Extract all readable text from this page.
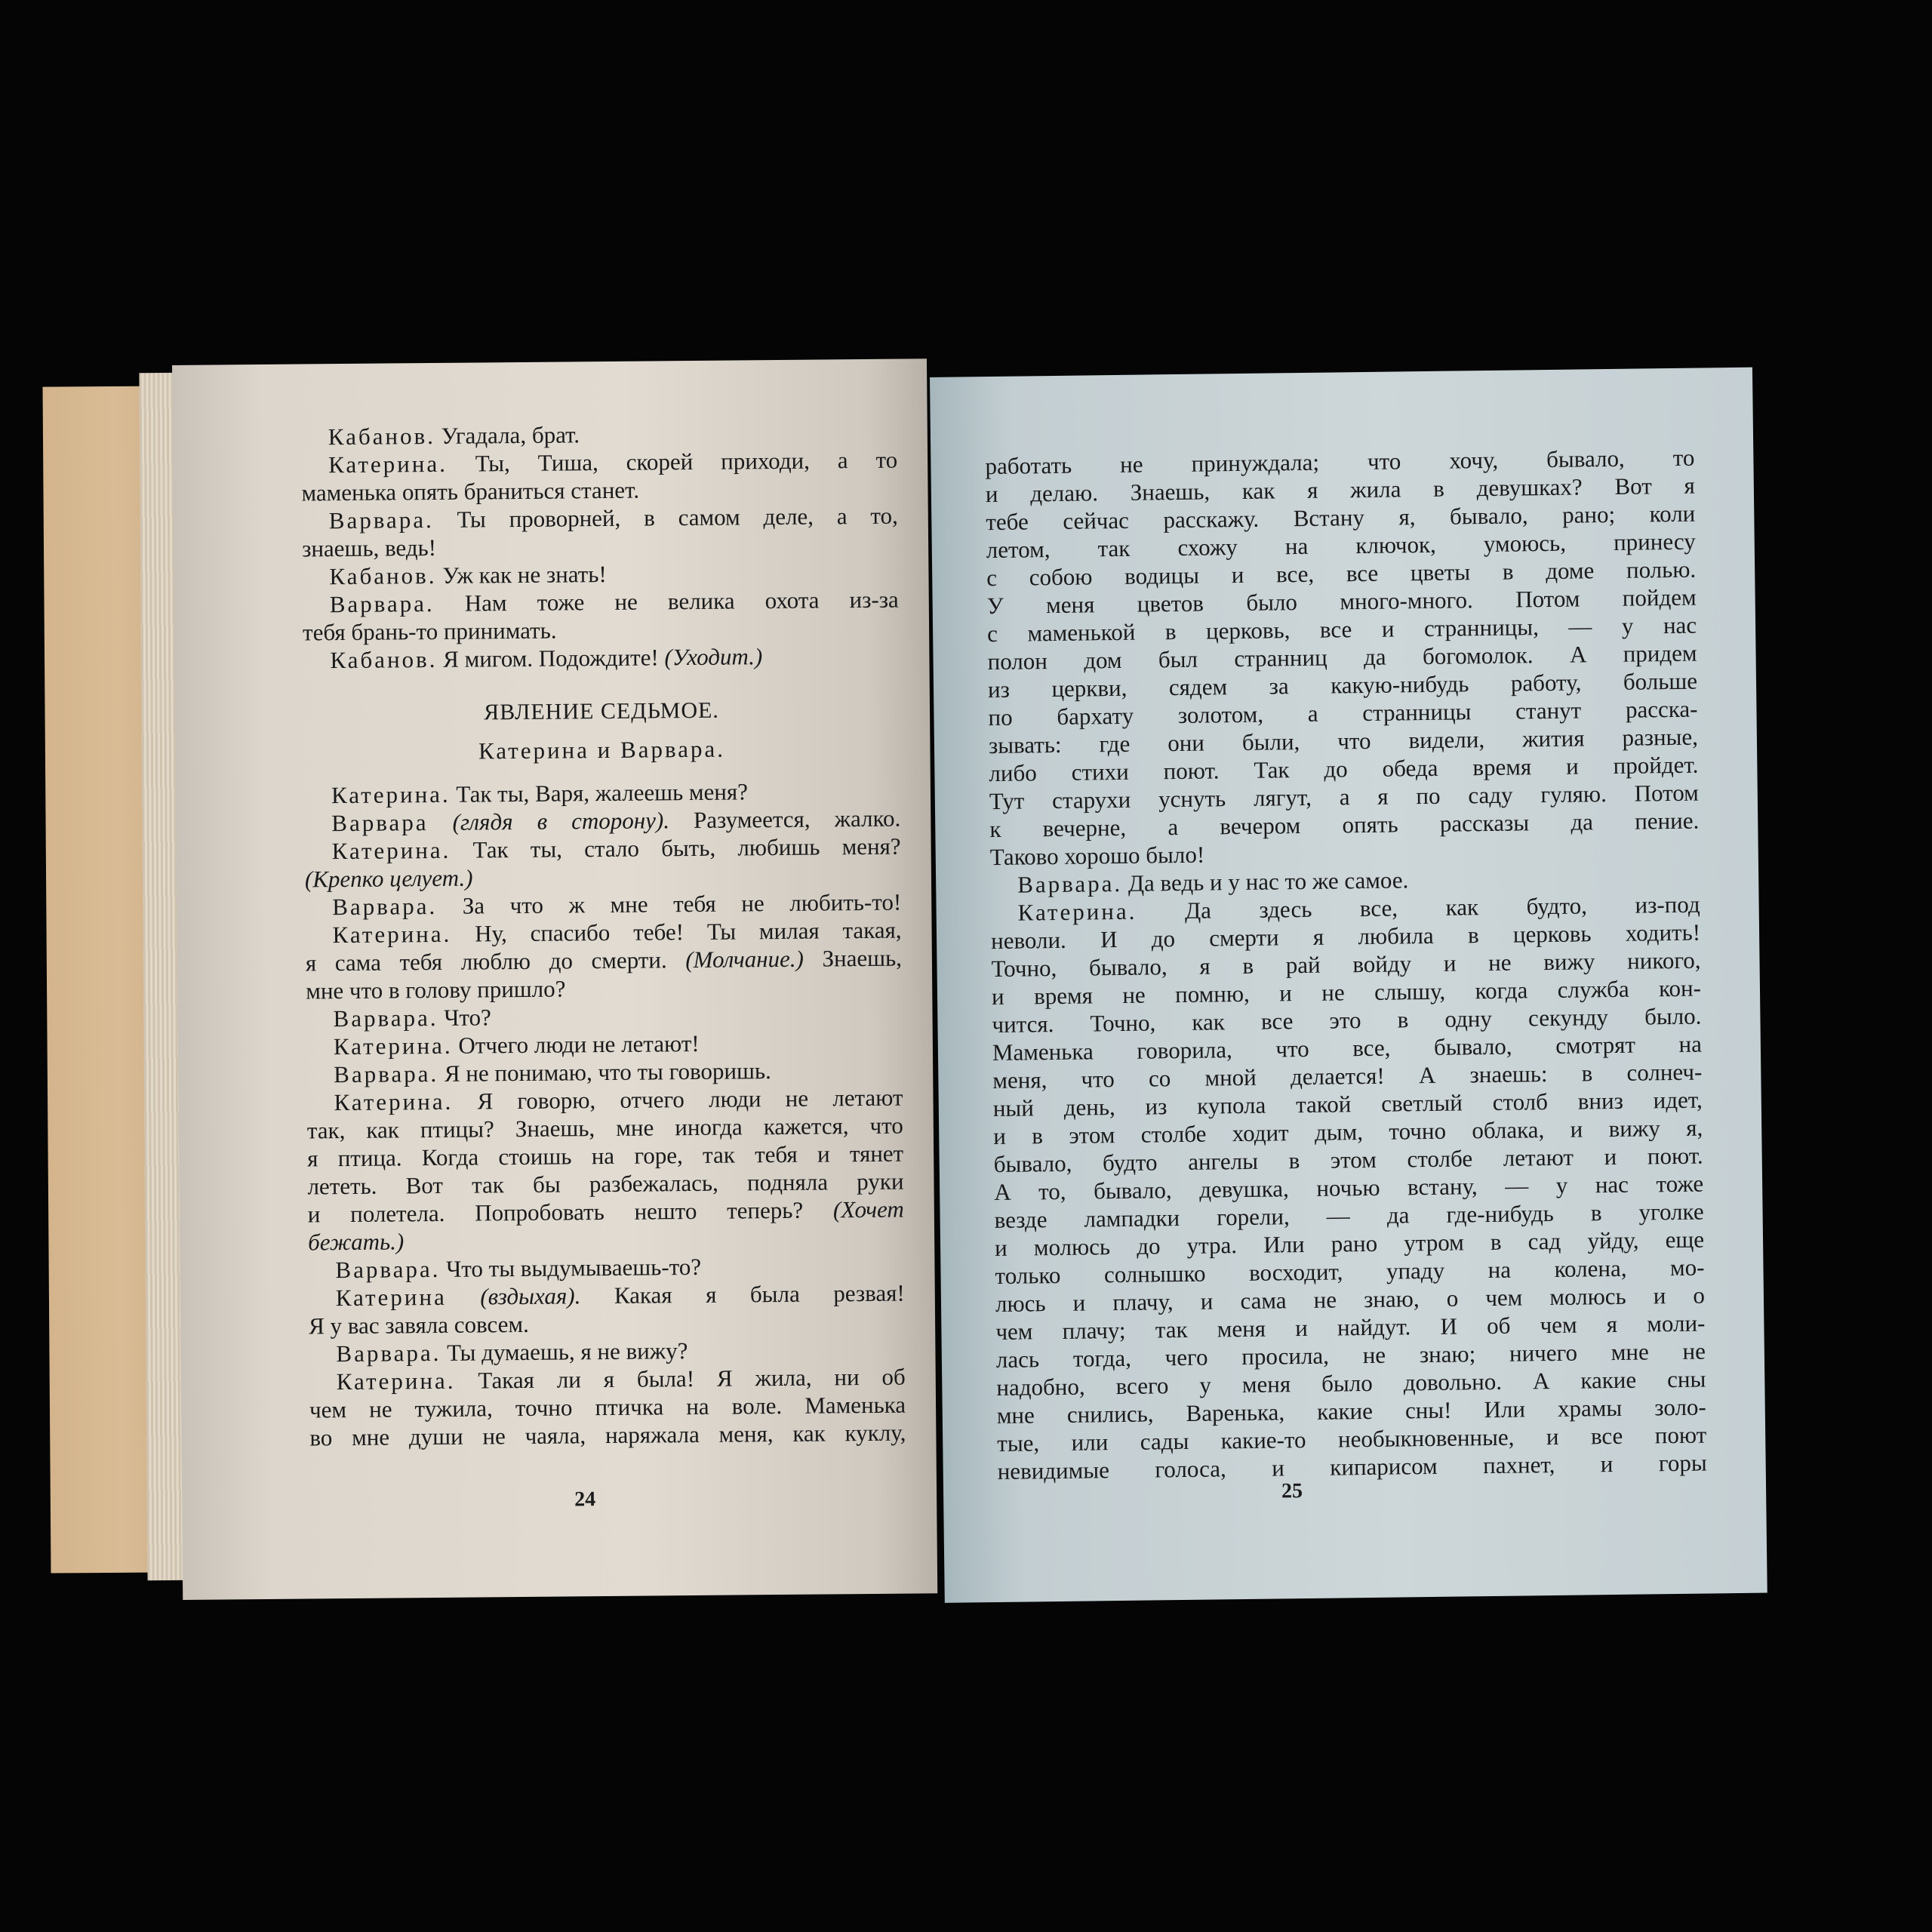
Кабанов. Угадала, брат.
Катерина. Ты, Тиша, скорей приходи, а то
маменька опять браниться станет.
Варвара. Ты проворней, в самом деле, а то,
знаешь, ведь!
Кабанов. Уж как не знать!
Варвара. Нам тоже не велика охота из-за
тебя брань-то принимать.
Кабанов. Я мигом. Подождите! (Уходит.)
ЯВЛЕНИЕ СЕДЬМОЕ.
Катерина и Варвара.
Катерина. Так ты, Варя, жалеешь меня?
Варвара (глядя в сторону). Разумеется, жалко.
Катерина. Так ты, стало быть, любишь меня?
(Крепко целует.)
Варвара. За что ж мне тебя не любить-то!
Катерина. Ну, спасибо тебе! Ты милая такая,
я сама тебя люблю до смерти. (Молчание.) Знаешь,
мне что в голову пришло?
Варвара. Что?
Катерина. Отчего люди не летают!
Варвара. Я не понимаю, что ты говоришь.
Катерина. Я говорю, отчего люди не летают
так, как птицы? Знаешь, мне иногда кажется, что
я птица. Когда стоишь на горе, так тебя и тянет
лететь. Вот так бы разбежалась, подняла руки
и полетела. Попробовать нешто теперь? (Хочет
бежать.)
Варвара. Что ты выдумываешь-то?
Катерина (вздыхая). Какая я была резвая!
Я у вас завяла совсем.
Варвара. Ты думаешь, я не вижу?
Катерина. Такая ли я была! Я жила, ни об
чем не тужила, точно птичка на воле. Маменька
во мне души не чаяла, наряжала меня, как куклу,
24
работать не принуждала; что хочу, бывало, то
и делаю. Знаешь, как я жила в девушках? Вот я
тебе сейчас расскажу. Встану я, бывало, рано; коли
летом, так схожу на ключок, умоюсь, принесу
с собою водицы и все, все цветы в доме полью.
У меня цветов было много-много. Потом пойдем
с маменькой в церковь, все и странницы, — у нас
полон дом был странниц да богомолок. А придем
из церкви, сядем за какую-нибудь работу, больше
по бархату золотом, а странницы станут расска-
зывать: где они были, что видели, жития разные,
либо стихи поют. Так до обеда время и пройдет.
Тут старухи уснуть лягут, а я по саду гуляю. Потом
к вечерне, а вечером опять рассказы да пение.
Таково хорошо было!
Варвара. Да ведь и у нас то же самое.
Катерина. Да здесь все, как будто, из-под
неволи. И до смерти я любила в церковь ходить!
Точно, бывало, я в рай войду и не вижу никого,
и время не помню, и не слышу, когда служба кон-
чится. Точно, как все это в одну секунду было.
Маменька говорила, что все, бывало, смотрят на
меня, что со мной делается! А знаешь: в солнеч-
ный день, из купола такой светлый столб вниз идет,
и в этом столбе ходит дым, точно облака, и вижу я,
бывало, будто ангелы в этом столбе летают и поют.
А то, бывало, девушка, ночью встану, — у нас тоже
везде лампадки горели, — да где-нибудь в уголке
и молюсь до утра. Или рано утром в сад уйду, еще
только солнышко восходит, упаду на колена, мо-
люсь и плачу, и сама не знаю, о чем молюсь и о
чем плачу; так меня и найдут. И об чем я моли-
лась тогда, чего просила, не знаю; ничего мне не
надобно, всего у меня было довольно. А какие сны
мне снились, Варенька, какие сны! Или храмы золо-
тые, или сады какие-то необыкновенные, и все поют
невидимые голоса, и кипарисом пахнет, и горы
25
